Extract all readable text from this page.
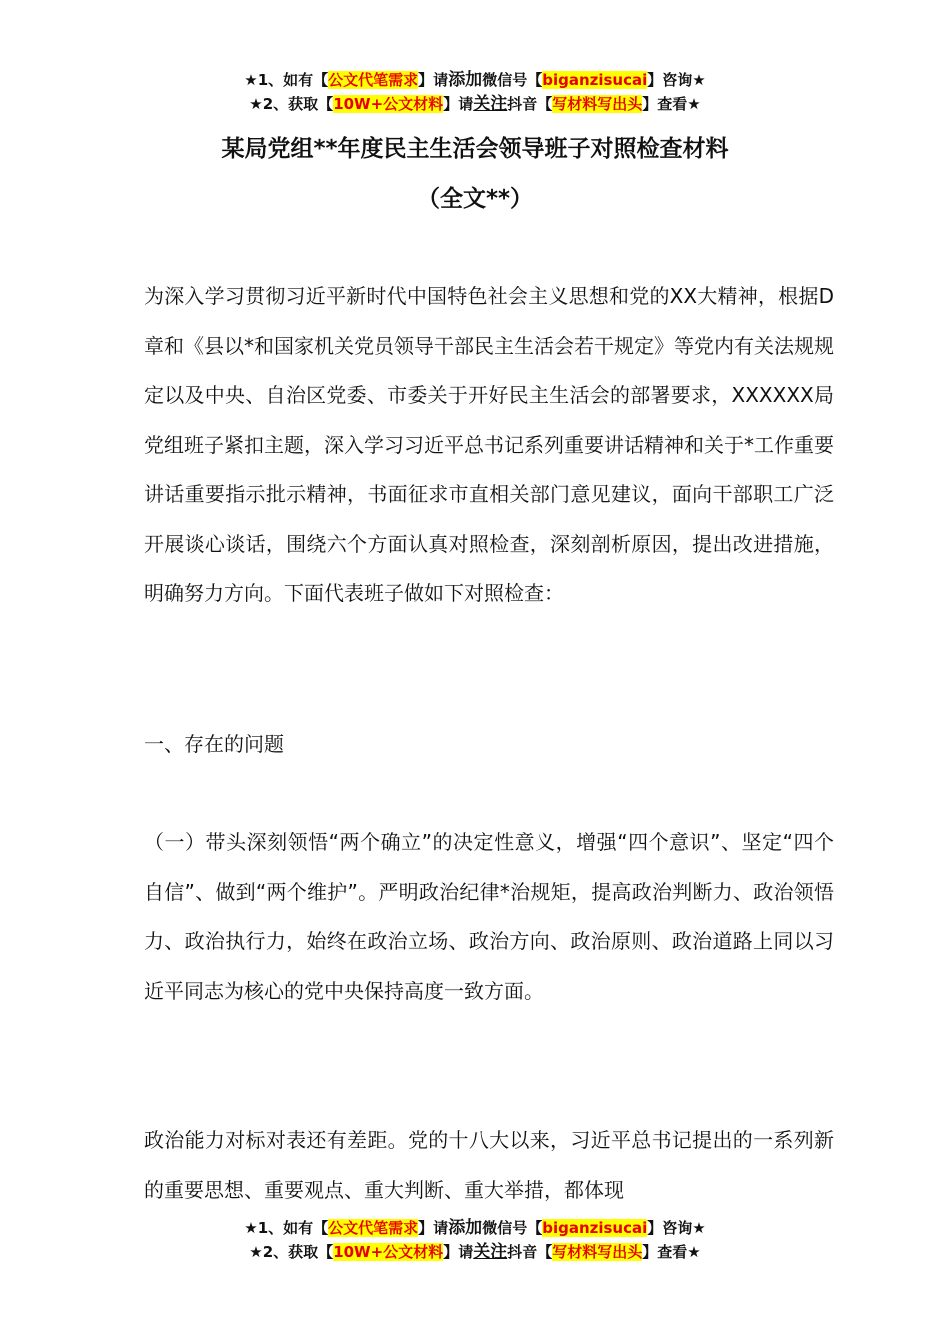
★1、如有【公文代笔需求】请添加微信号【biganzisucai】咨询★
★2、获取【10W+公文材料】请关注抖音【写材料写出头】查看★
某局党组**年度民主生活会领导班子对照检查材料
（全文**）

为深入学习贯彻习近平新时代中国特色社会主义思想和党的XX大精神，根据D章和《县以*和国家机关党员领导干部民主生活会若干规定》等党内有关法规规定以及中央、自治区党委、市委关于开好民主生活会的部署要求，XXXXXX局党组班子紧扣主题，深入学习习近平总书记系列重要讲话精神和关于*工作重要讲话重要指示批示精神，书面征求市直相关部门意见建议，面向干部职工广泛开展谈心谈话，围绕六个方面认真对照检查，深刻剖析原因，提出改进措施，明确努力方向。下面代表班子做如下对照检查：

一、存在的问题

（一）带头深刻领悟“两个确立”的决定性意义，增强“四个意识”、坚定“四个自信”、做到“两个维护”。严明政治纪律*治规矩，提高政治判断力、政治领悟力、政治执行力，始终在政治立场、政治方向、政治原则、政治道路上同以习近平同志为核心的党中央保持高度一致方面。

政治能力对标对表还有差距。党的十八大以来，习近平总书记提出的一系列新的重要思想、重要观点、重大判断、重大举措，都体现

★1、如有【公文代笔需求】请添加微信号【biganzisucai】咨询★
★2、获取【10W+公文材料】请关注抖音【写材料写出头】查看★
